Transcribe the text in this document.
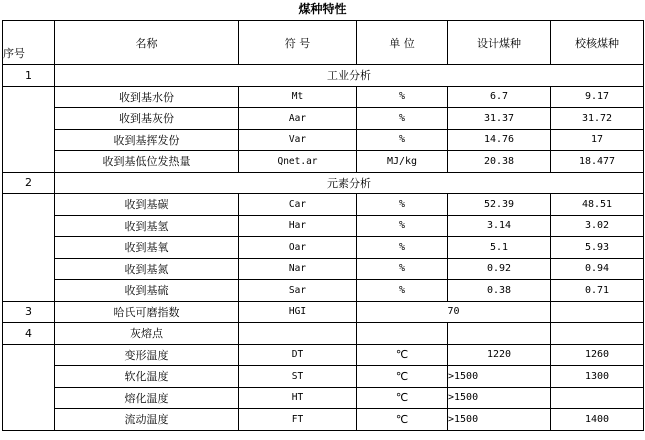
煤种特性
序号	名称	符 号	单 位	设计煤种	校核煤种
1	工业分析				
	收到基水份	Mt	%	6.7	9.17
	收到基灰份	Aar	%	31.37	31.72
	收到基挥发份	Var	%	14.76	17
	收到基低位发热量	Qnet.ar	MJ/kg	20.38	18.477
2	元素分析				
	收到基碳	Car	%	52.39	48.51
	收到基氢	Har	%	3.14	3.02
	收到基氧	Oar	%	5.1	5.93
	收到基氮	Nar	%	0.92	0.94
	收到基硫	Sar	%	0.38	0.71
3	哈氏可磨指数	HGI	70		
4	灰熔点				
	变形温度	DT	℃	1220	1260
	软化温度	ST	℃	>1500	1300
	熔化温度	HT	℃	>1500	
	流动温度	FT	℃	>1500	1400
